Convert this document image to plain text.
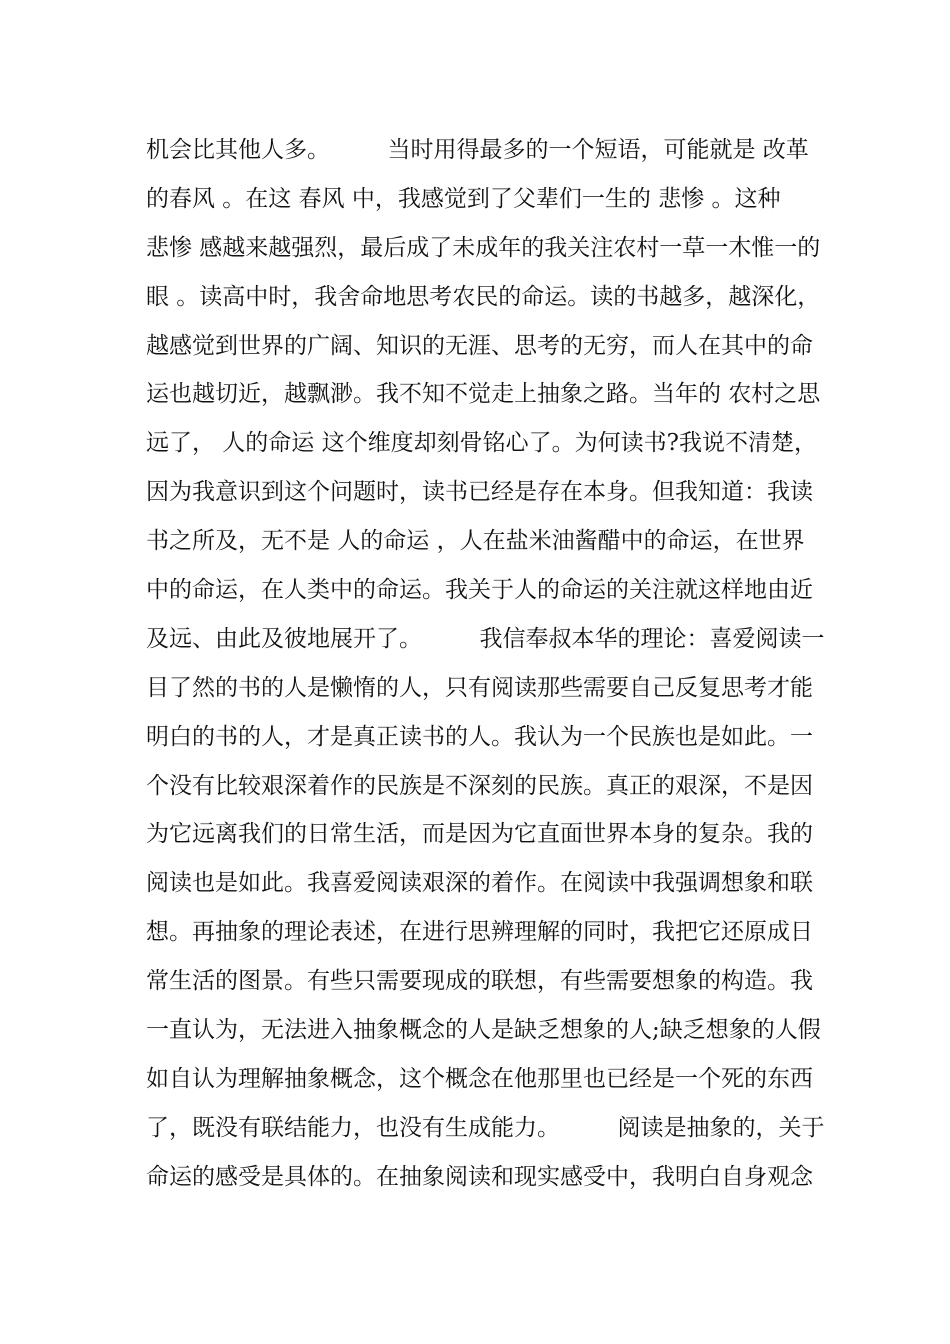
机会比其他人多。　　　当时用得最多的一个短语，可能就是 改革
的春风 。在这 春风 中，我感觉到了父辈们一生的 悲惨 。这种
悲惨 感越来越强烈，最后成了未成年的我关注农村一草一木惟一的
眼 。读高中时，我舍命地思考农民的命运。读的书越多，越深化，
越感觉到世界的广阔、知识的无涯、思考的无穷，而人在其中的命
运也越切近，越飘渺。我不知不觉走上抽象之路。当年的 农村之思
远了， 人的命运 这个维度却刻骨铭心了。为何读书?我说不清楚，
因为我意识到这个问题时，读书已经是存在本身。但我知道：我读
书之所及，无不是 人的命运 ，人在盐米油酱醋中的命运，在世界
中的命运，在人类中的命运。我关于人的命运的关注就这样地由近
及远、由此及彼地展开了。　　　我信奉叔本华的理论：喜爱阅读一
目了然的书的人是懒惰的人，只有阅读那些需要自己反复思考才能
明白的书的人，才是真正读书的人。我认为一个民族也是如此。一
个没有比较艰深着作的民族是不深刻的民族。真正的艰深，不是因
为它远离我们的日常生活，而是因为它直面世界本身的复杂。我的
阅读也是如此。我喜爱阅读艰深的着作。在阅读中我强调想象和联
想。再抽象的理论表述，在进行思辨理解的同时，我把它还原成日
常生活的图景。有些只需要现成的联想，有些需要想象的构造。我
一直认为，无法进入抽象概念的人是缺乏想象的人;缺乏想象的人假
如自认为理解抽象概念，这个概念在他那里也已经是一个死的东西
了，既没有联结能力，也没有生成能力。　　　阅读是抽象的，关于
命运的感受是具体的。在抽象阅读和现实感受中，我明白自身观念
